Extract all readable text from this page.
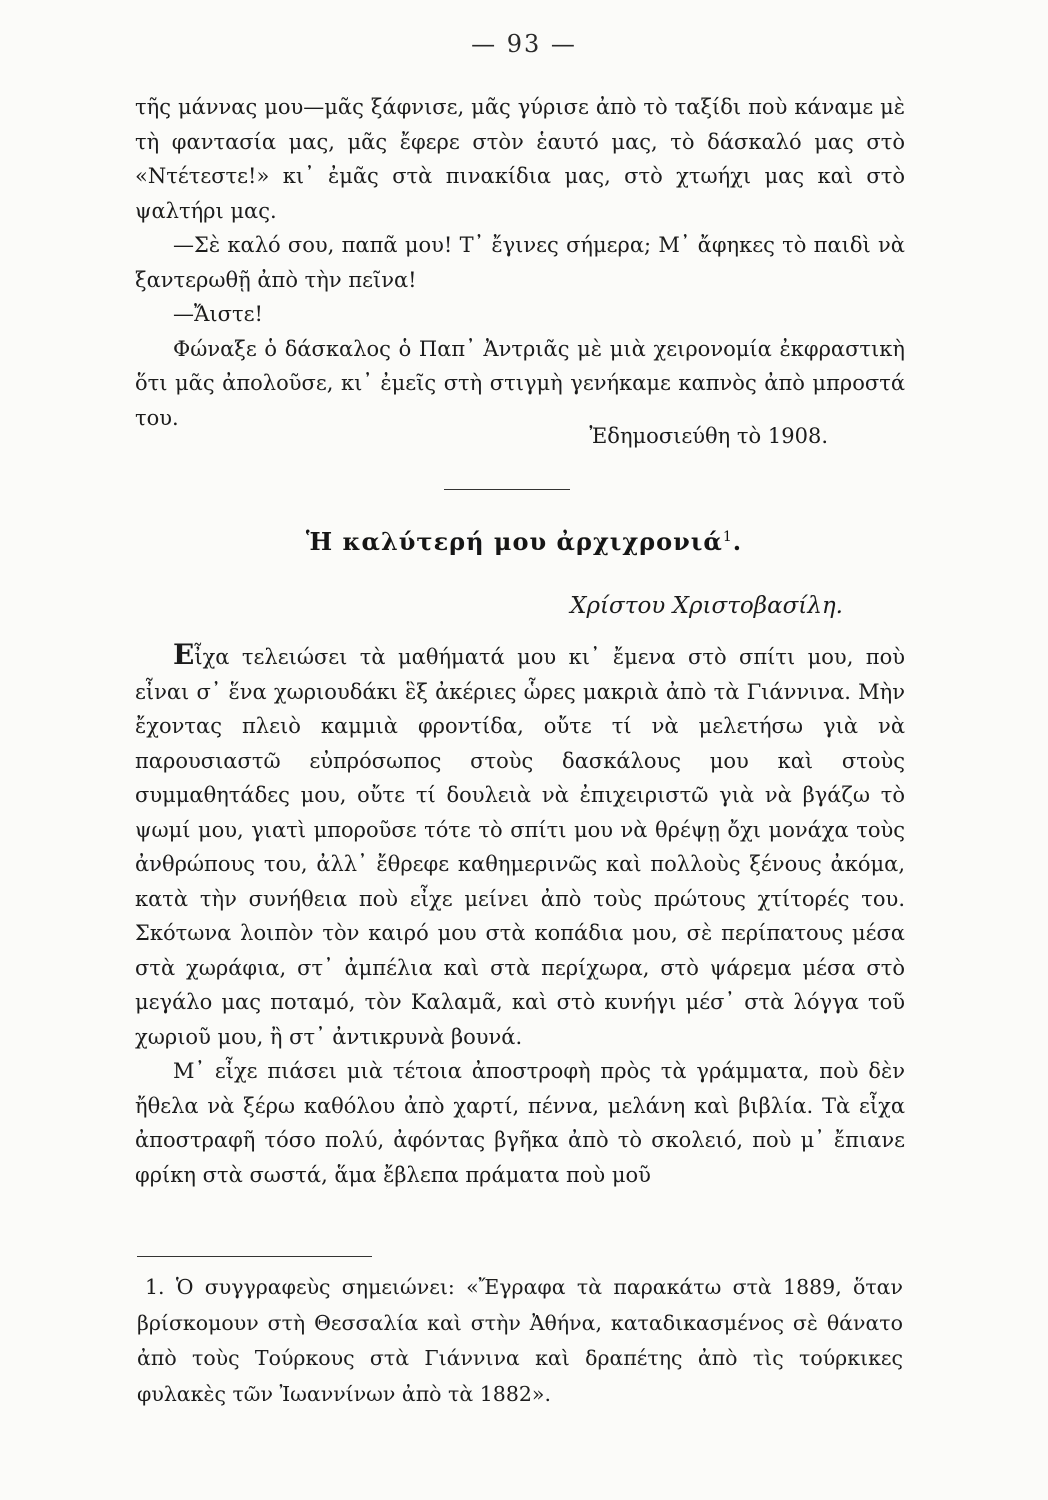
— 93 —

τῆς μάννας μου—μᾶς ξάφνισε, μᾶς γύρισε ἀπὸ τὸ ταξίδι ποὺ κάναμε μὲ τὴ φαντασία μας, μᾶς ἔφερε στὸν ἑαυτό μας, τὸ δάσκαλό μας στὸ «Ντέτεστε!» κι᾽ ἐμᾶς στὰ πινακίδια μας, στὸ χτωήχι μας καὶ στὸ ψαλτήρι μας.

—Σὲ καλό σου, παπᾶ μου! Τ᾽ ἔγινες σήμερα; Μ᾽ ἄφηκες τὸ παιδὶ νὰ ξαντερωθῇ ἀπὸ τὴν πεῖνα!

—Ἄιστε!

Φώναξε ὁ δάσκαλος ὁ Παπ᾽ Ἀντριᾶς μὲ μιὰ χειρονομία ἐκφραστικὴ ὅτι μᾶς ἀπολοῦσε, κι᾽ ἐμεῖς στὴ στιγμὴ γενήκαμε καπνὸς ἀπὸ μπροστά του.

Ἐδημοσιεύθη τὸ 1908.
Ἡ καλύτερή μου ἀρχιχρονιά$^1$.
Χρίστου Χριστοβασίλη.

Εἶχα τελειώσει τὰ μαθήματά μου κι᾽ ἔμενα στὸ σπίτι μου, ποὺ εἶναι σ᾽ ἕνα χωριουδάκι ἓξ ἀκέριες ὧρες μακριὰ ἀπὸ τὰ Γιάννινα. Μὴν ἔχοντας πλειὸ καμμιὰ φροντίδα, οὔτε τί νὰ μελετήσω γιὰ νὰ παρουσιαστῶ εὐπρόσωπος στοὺς δασκάλους μου καὶ στοὺς συμμαθητάδες μου, οὔτε τί δουλειὰ νὰ ἐπιχειριστῶ γιὰ νὰ βγάζω τὸ ψωμί μου, γιατὶ μποροῦσε τότε τὸ σπίτι μου νὰ θρέψῃ ὄχι μονάχα τοὺς ἀνθρώπους του, ἀλλ᾽ ἔθρεφε καθημερινῶς καὶ πολλοὺς ξένους ἀκόμα, κατὰ τὴν συνήθεια ποὺ εἶχε μείνει ἀπὸ τοὺς πρώτους χτίτορές του. Σκότωνα λοιπὸν τὸν καιρό μου στὰ κοπάδια μου, σὲ περίπατους μέσα στὰ χωράφια, στ᾽ ἀμπέλια καὶ στὰ περίχωρα, στὸ ψάρεμα μέσα στὸ μεγάλο μας ποταμό, τὸν Καλαμᾶ, καὶ στὸ κυνήγι μέσ᾽ στὰ λόγγα τοῦ χωριοῦ μου, ἢ στ᾽ ἀντικρυνὰ βουνά.

Μ᾽ εἶχε πιάσει μιὰ τέτοια ἀποστροφὴ πρὸς τὰ γράμματα, ποὺ δὲν ἤθελα νὰ ξέρω καθόλου ἀπὸ χαρτί, πέννα, μελάνη καὶ βιβλία. Τὰ εἶχα ἀποστραφῆ τόσο πολύ, ἀφόντας βγῆκα ἀπὸ τὸ σκολειό, ποὺ μ᾽ ἔπιανε φρίκη στὰ σωστά, ἅμα ἔβλεπα πράματα ποὺ μοῦ

1. Ὁ συγγραφεὺς σημειώνει: «Ἔγραφα τὰ παρακάτω στὰ 1889, ὅταν βρίσκομουν στὴ Θεσσαλία καὶ στὴν Ἀθήνα, καταδικασμένος σὲ θάνατο ἀπὸ τοὺς Τούρκους στὰ Γιάννινα καὶ δραπέτης ἀπὸ τὶς τούρκικες φυλακὲς τῶν Ἰωαννίνων ἀπὸ τὰ 1882».
